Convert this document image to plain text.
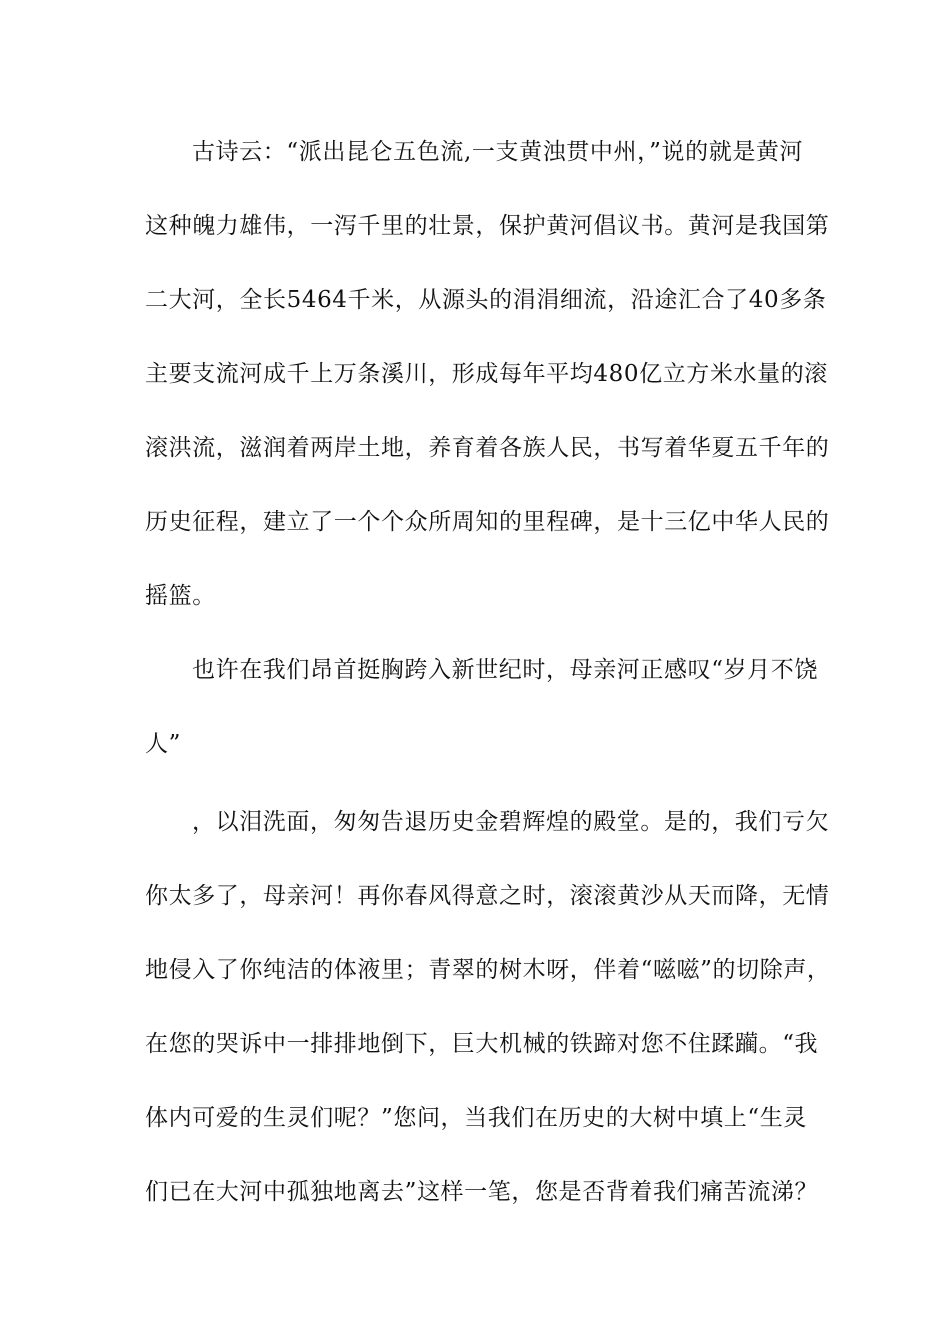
古诗云：“派出昆仑五色流,一支黄浊贯中州，”说的就是黄河
这种魄力雄伟，一泻千里的壮景，保护黄河倡议书。黄河是我国第
二大河，全长5464千米，从源头的涓涓细流，沿途汇合了40多条
主要支流河成千上万条溪川，形成每年平均480亿立方米水量的滚
滚洪流，滋润着两岸土地，养育着各族人民，书写着华夏五千年的
历史征程，建立了一个个众所周知的里程碑，是十三亿中华人民的
摇篮。
也许在我们昂首挺胸跨入新世纪时，母亲河正感叹“岁月不饶
人”
，以泪洗面，匆匆告退历史金碧辉煌的殿堂。是的，我们亏欠
你太多了，母亲河！再你春风得意之时，滚滚黄沙从天而降，无情
地侵入了你纯洁的体液里；青翠的树木呀，伴着“嗞嗞”的切除声，
在您的哭诉中一排排地倒下，巨大机械的铁蹄对您不住蹂躏。“我
体内可爱的生灵们呢？”您问，当我们在历史的大树中填上“生灵
们已在大河中孤独地离去”这样一笔，您是否背着我们痛苦流涕？
